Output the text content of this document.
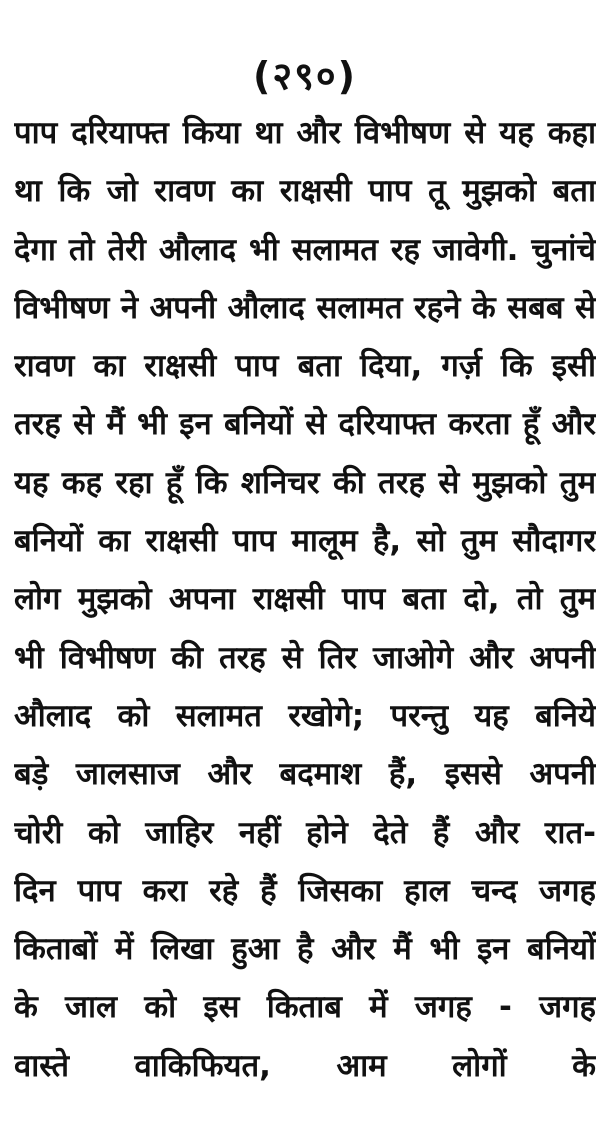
(२९०)
पाप दरियाफ्त किया था और विभीषण से यह कहा
था कि जो रावण का राक्षसी पाप तू मुझको बता
देगा तो तेरी औलाद भी सलामत रह जावेगी. चुनांचे
विभीषण ने अपनी औलाद सलामत रहने के सबब से
रावण का राक्षसी पाप बता दिया, गर्ज़ कि इसी
तरह से मैं भी इन बनियों से दरियाफ्त करता हूँ और
यह कह रहा हूँ कि शनिचर की तरह से मुझको तुम
बनियों का राक्षसी पाप मालूम है, सो तुम सौदागर
लोग मुझको अपना राक्षसी पाप बता दो, तो तुम
भी विभीषण की तरह से तिर जाओगे और अपनी
औलाद को सलामत रखोगे; परन्तु यह बनिये
बड़े जालसाज और बदमाश हैं, इससे अपनी
चोरी को जाहिर नहीं होने देते हैं और रात-
दिन पाप करा रहे हैं जिसका हाल चन्द जगह
किताबों में लिखा हुआ है और मैं भी इन बनियों
के जाल को इस किताब में जगह - जगह
वास्ते वाकिफियत, आम लोगों के
